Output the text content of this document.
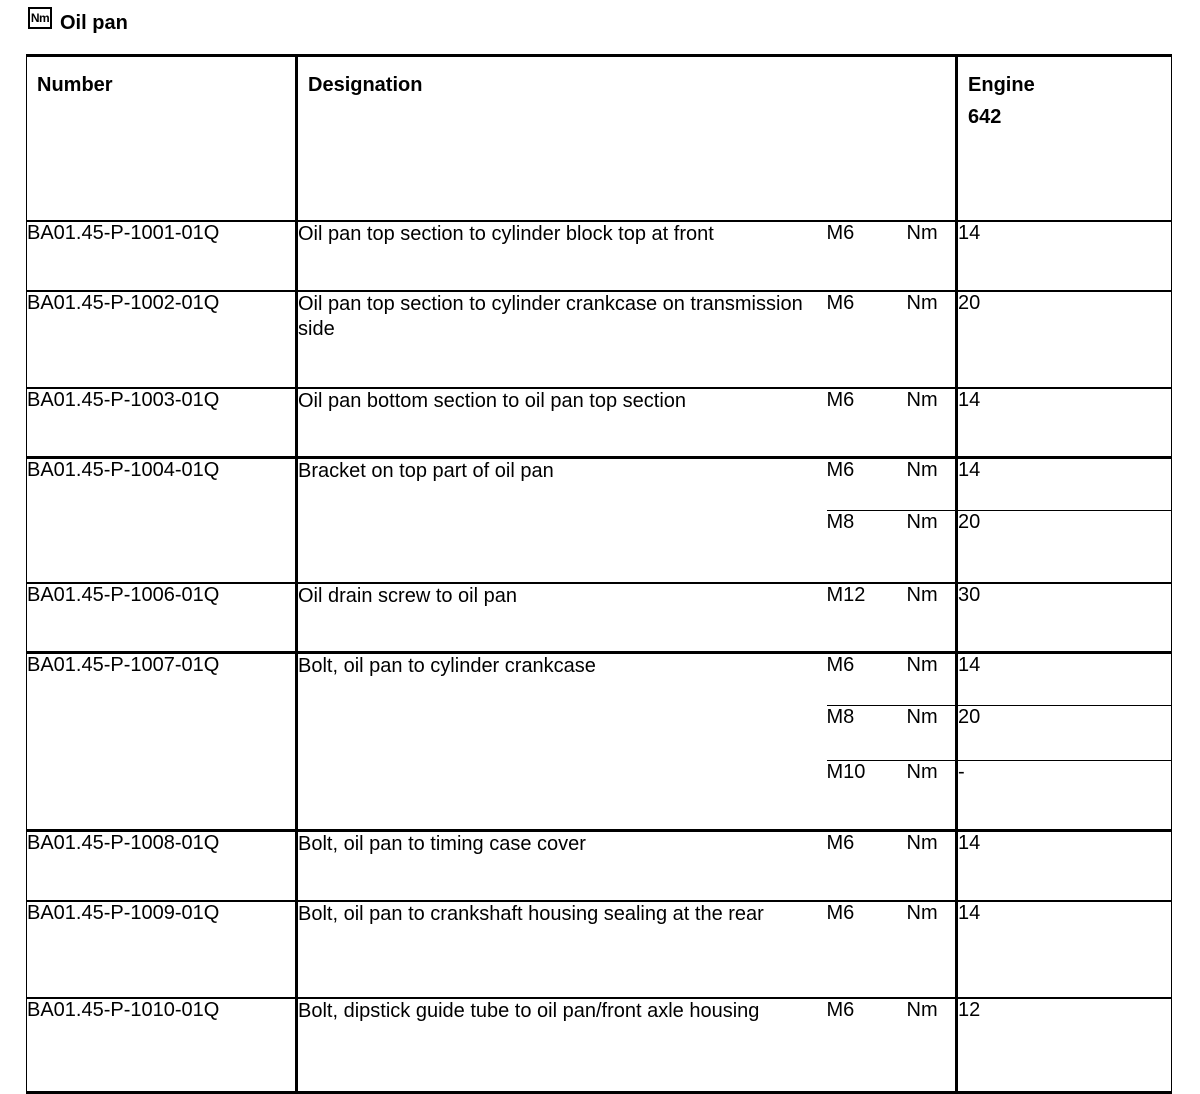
Nm Oil pan
Number	Designation			Engine
642

BA01.45-P-1001-01Q	Oil pan top section to cylinder block top at front	M6	Nm	14
BA01.45-P-1002-01Q	Oil pan top section to cylinder crankcase on transmission side	M6	Nm	20
BA01.45-P-1003-01Q	Oil pan bottom section to oil pan top section	M6	Nm	14
BA01.45-P-1004-01Q	Bracket on top part of oil pan	M6	Nm	14
		M8	Nm	20
BA01.45-P-1006-01Q	Oil drain screw to oil pan	M12	Nm	30
BA01.45-P-1007-01Q	Bolt, oil pan to cylinder crankcase	M6	Nm	14
		M8	Nm	20
		M10	Nm	-
BA01.45-P-1008-01Q	Bolt, oil pan to timing case cover	M6	Nm	14
BA01.45-P-1009-01Q	Bolt, oil pan to crankshaft housing sealing at the rear	M6	Nm	14
BA01.45-P-1010-01Q	Bolt, dipstick guide tube to oil pan/front axle housing	M6	Nm	12
